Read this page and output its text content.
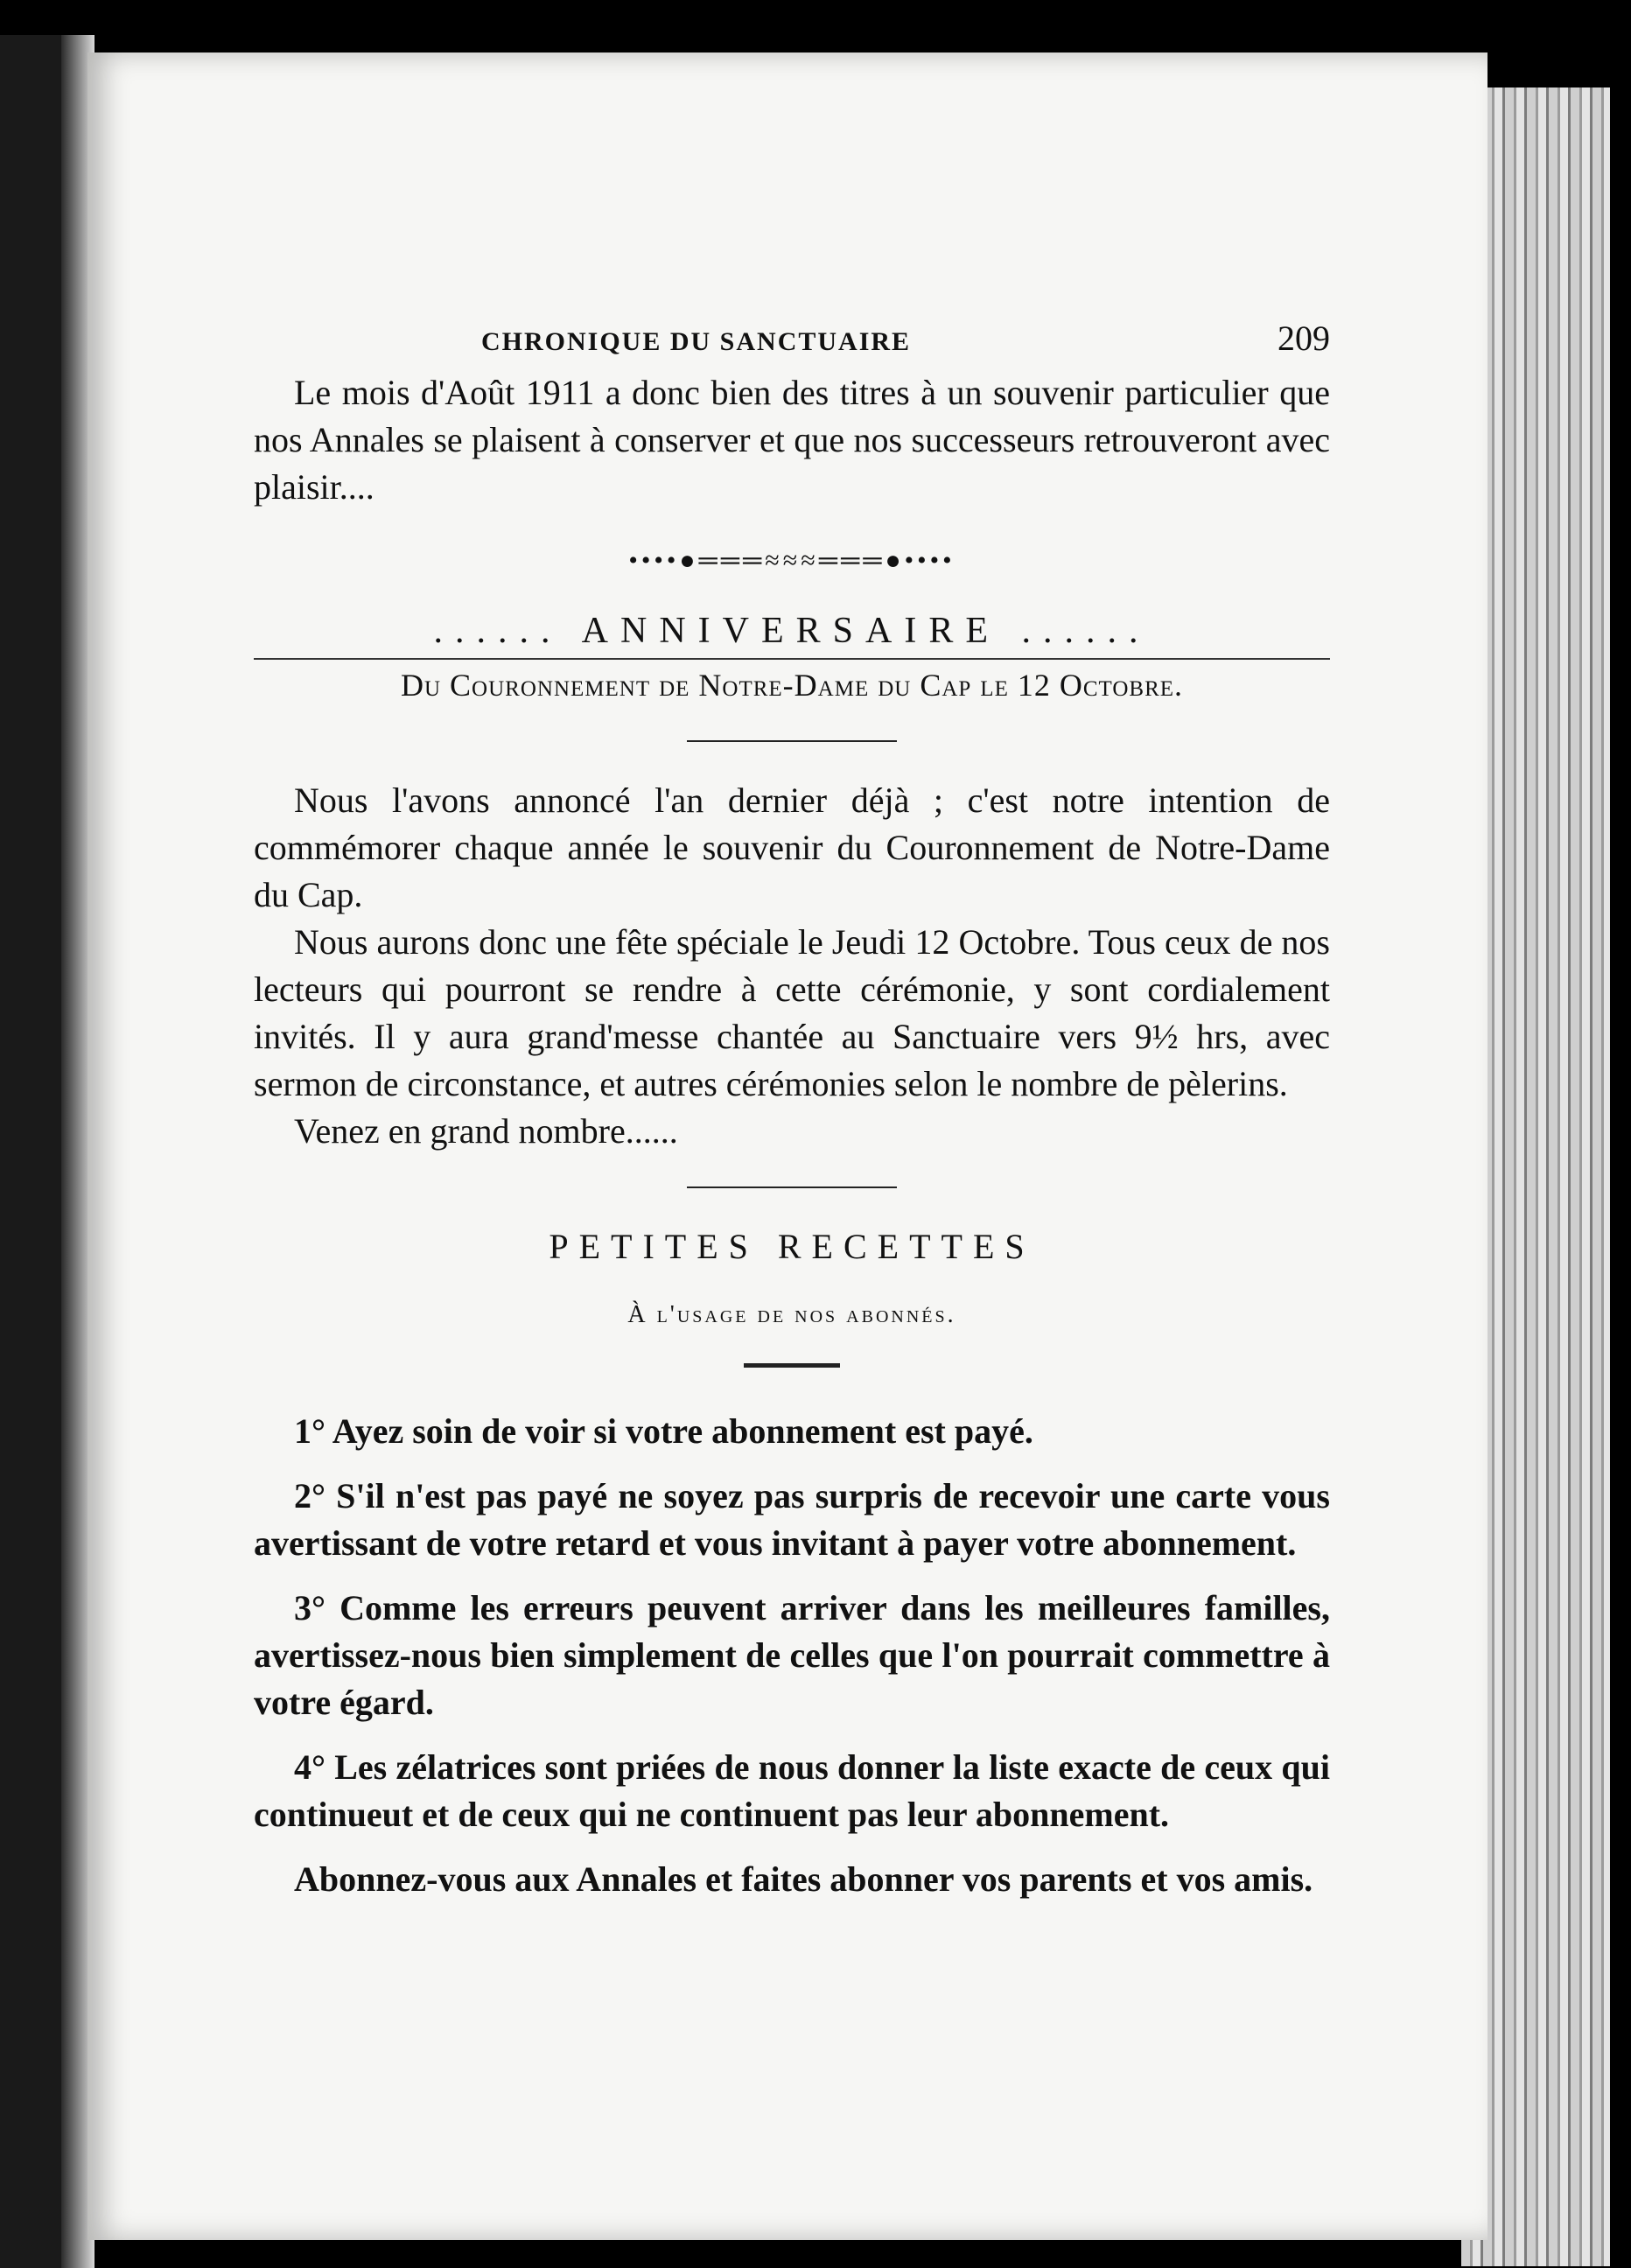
CHRONIQUE DU SANCTUAIRE	209

Le mois d'Août 1911 a donc bien des titres à un souvenir particulier que nos Annales se plaisent à conserver et que nos successeurs retrouveront avec plaisir....

••••●═══≈≈≈═══●••••
...... ANNIVERSAIRE ......
Du Couronnement de Notre-Dame du Cap le 12 Octobre.

Nous l'avons annoncé l'an dernier déjà ; c'est notre intention de commémorer chaque année le souvenir du Couronnement de Notre-Dame du Cap.

Nous aurons donc une fête spéciale le Jeudi 12 Octobre. Tous ceux de nos lecteurs qui pourront se rendre à cette cérémonie, y sont cordialement invités. Il y aura grand'messe chantée au Sanctuaire vers 9½ hrs, avec sermon de circonstance, et autres cérémonies selon le nombre de pèlerins.

Venez en grand nombre......

PETITES RECETTES
À l'usage de nos abonnés.

1° Ayez soin de voir si votre abonnement est payé.

2° S'il n'est pas payé ne soyez pas surpris de recevoir une carte vous avertissant de votre retard et vous invitant à payer votre abonnement.

3° Comme les erreurs peuvent arriver dans les meilleures familles, avertissez-nous bien simplement de celles que l'on pourrait commettre à votre égard.

4° Les zélatrices sont priées de nous donner la liste exacte de ceux qui continueut et de ceux qui ne continuent pas leur abonnement.

Abonnez-vous aux Annales et faites abonner vos parents et vos amis.
